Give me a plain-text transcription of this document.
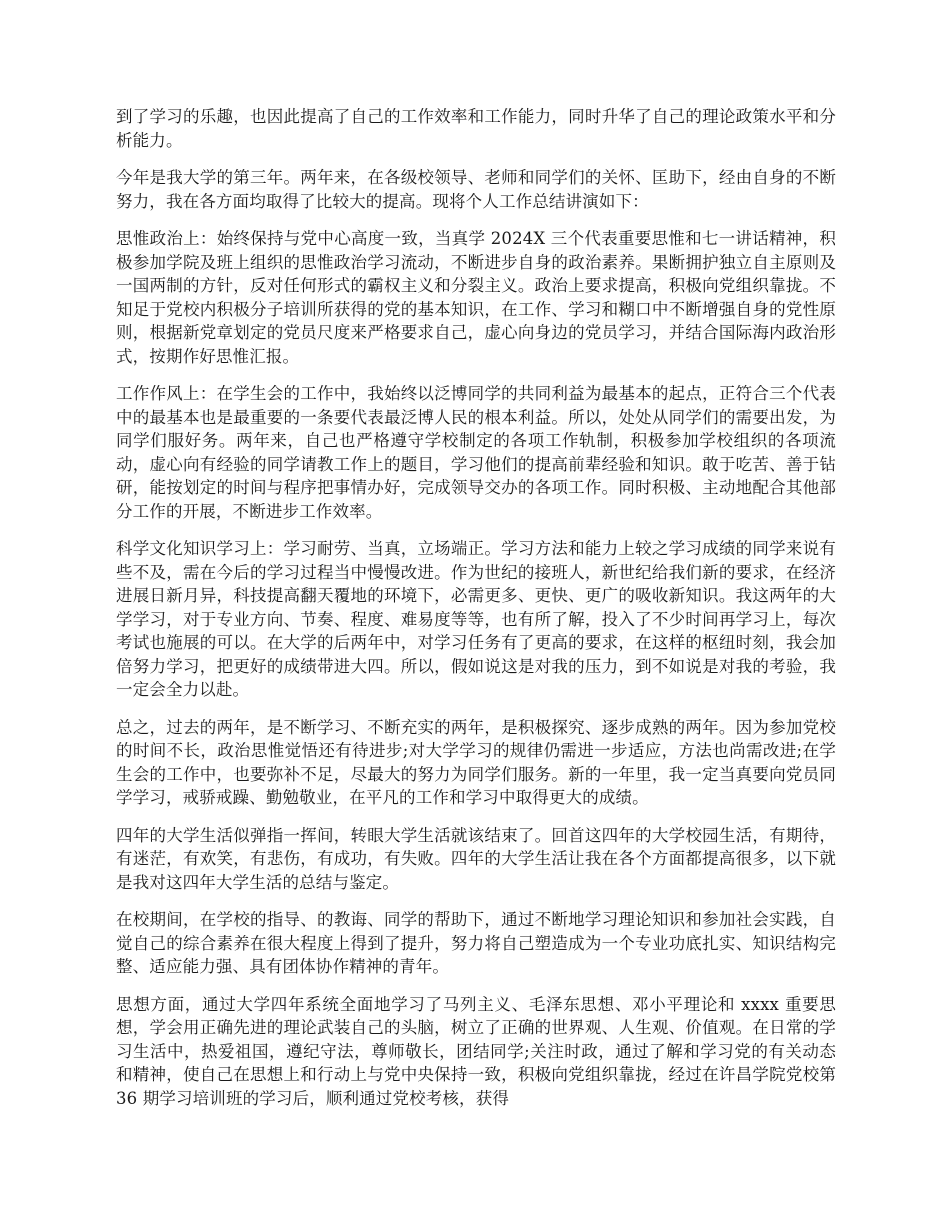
到了学习的乐趣，也因此提高了自己的工作效率和工作能力，同时升华了自己的理论政策水平和分析能力。

今年是我大学的第三年。两年来，在各级校领导、老师和同学们的关怀、匡助下，经由自身的不断努力，我在各方面均取得了比较大的提高。现将个人工作总结讲演如下：

思惟政治上：始终保持与党中心高度一致，当真学 2024X 三个代表重要思惟和七一讲话精神，积极参加学院及班上组织的思惟政治学习流动，不断进步自身的政治素养。果断拥护独立自主原则及一国两制的方针，反对任何形式的霸权主义和分裂主义。政治上要求提高，积极向党组织靠拢。不知足于党校内积极分子培训所获得的党的基本知识，在工作、学习和糊口中不断增强自身的党性原则，根据新党章划定的党员尺度来严格要求自己，虚心向身边的党员学习，并结合国际海内政治形式，按期作好思惟汇报。

工作作风上：在学生会的工作中，我始终以泛博同学的共同利益为最基本的起点，正符合三个代表中的最基本也是最重要的一条要代表最泛博人民的根本利益。所以，处处从同学们的需要出发，为同学们服好务。两年来，自己也严格遵守学校制定的各项工作轨制，积极参加学校组织的各项流动，虚心向有经验的同学请教工作上的题目，学习他们的提高前辈经验和知识。敢于吃苦、善于钻研，能按划定的时间与程序把事情办好，完成领导交办的各项工作。同时积极、主动地配合其他部分工作的开展，不断进步工作效率。

科学文化知识学习上：学习耐劳、当真，立场端正。学习方法和能力上较之学习成绩的同学来说有些不及，需在今后的学习过程当中慢慢改进。作为世纪的接班人，新世纪给我们新的要求，在经济进展日新月异，科技提高翻天覆地的环境下，必需更多、更快、更广的吸收新知识。我这两年的大学学习，对于专业方向、节奏、程度、难易度等等，也有所了解，投入了不少时间再学习上，每次考试也施展的可以。在大学的后两年中，对学习任务有了更高的要求，在这样的枢纽时刻，我会加倍努力学习，把更好的成绩带进大四。所以，假如说这是对我的压力，到不如说是对我的考验，我一定会全力以赴。

总之，过去的两年，是不断学习、不断充实的两年，是积极探究、逐步成熟的两年。因为参加党校的时间不长，政治思惟觉悟还有待进步;对大学学习的规律仍需进一步适应，方法也尚需改进;在学生会的工作中，也要弥补不足，尽最大的努力为同学们服务。新的一年里，我一定当真要向党员同学学习，戒骄戒躁、勤勉敬业，在平凡的工作和学习中取得更大的成绩。

四年的大学生活似弹指一挥间，转眼大学生活就该结束了。回首这四年的大学校园生活，有期待，有迷茫，有欢笑，有悲伤，有成功，有失败。四年的大学生活让我在各个方面都提高很多，以下就是我对这四年大学生活的总结与鉴定。

在校期间，在学校的指导、的教诲、同学的帮助下，通过不断地学习理论知识和参加社会实践，自觉自己的综合素养在很大程度上得到了提升，努力将自己塑造成为一个专业功底扎实、知识结构完整、适应能力强、具有团体协作精神的青年。

思想方面，通过大学四年系统全面地学习了马列主义、毛泽东思想、邓小平理论和 xxxx 重要思想，学会用正确先进的理论武装自己的头脑，树立了正确的世界观、人生观、价值观。在日常的学习生活中，热爱祖国，遵纪守法，尊师敬长，团结同学;关注时政，通过了解和学习党的有关动态和精神，使自己在思想上和行动上与党中央保持一致，积极向党组织靠拢，经过在许昌学院党校第 36 期学习培训班的学习后，顺利通过党校考核，获得
